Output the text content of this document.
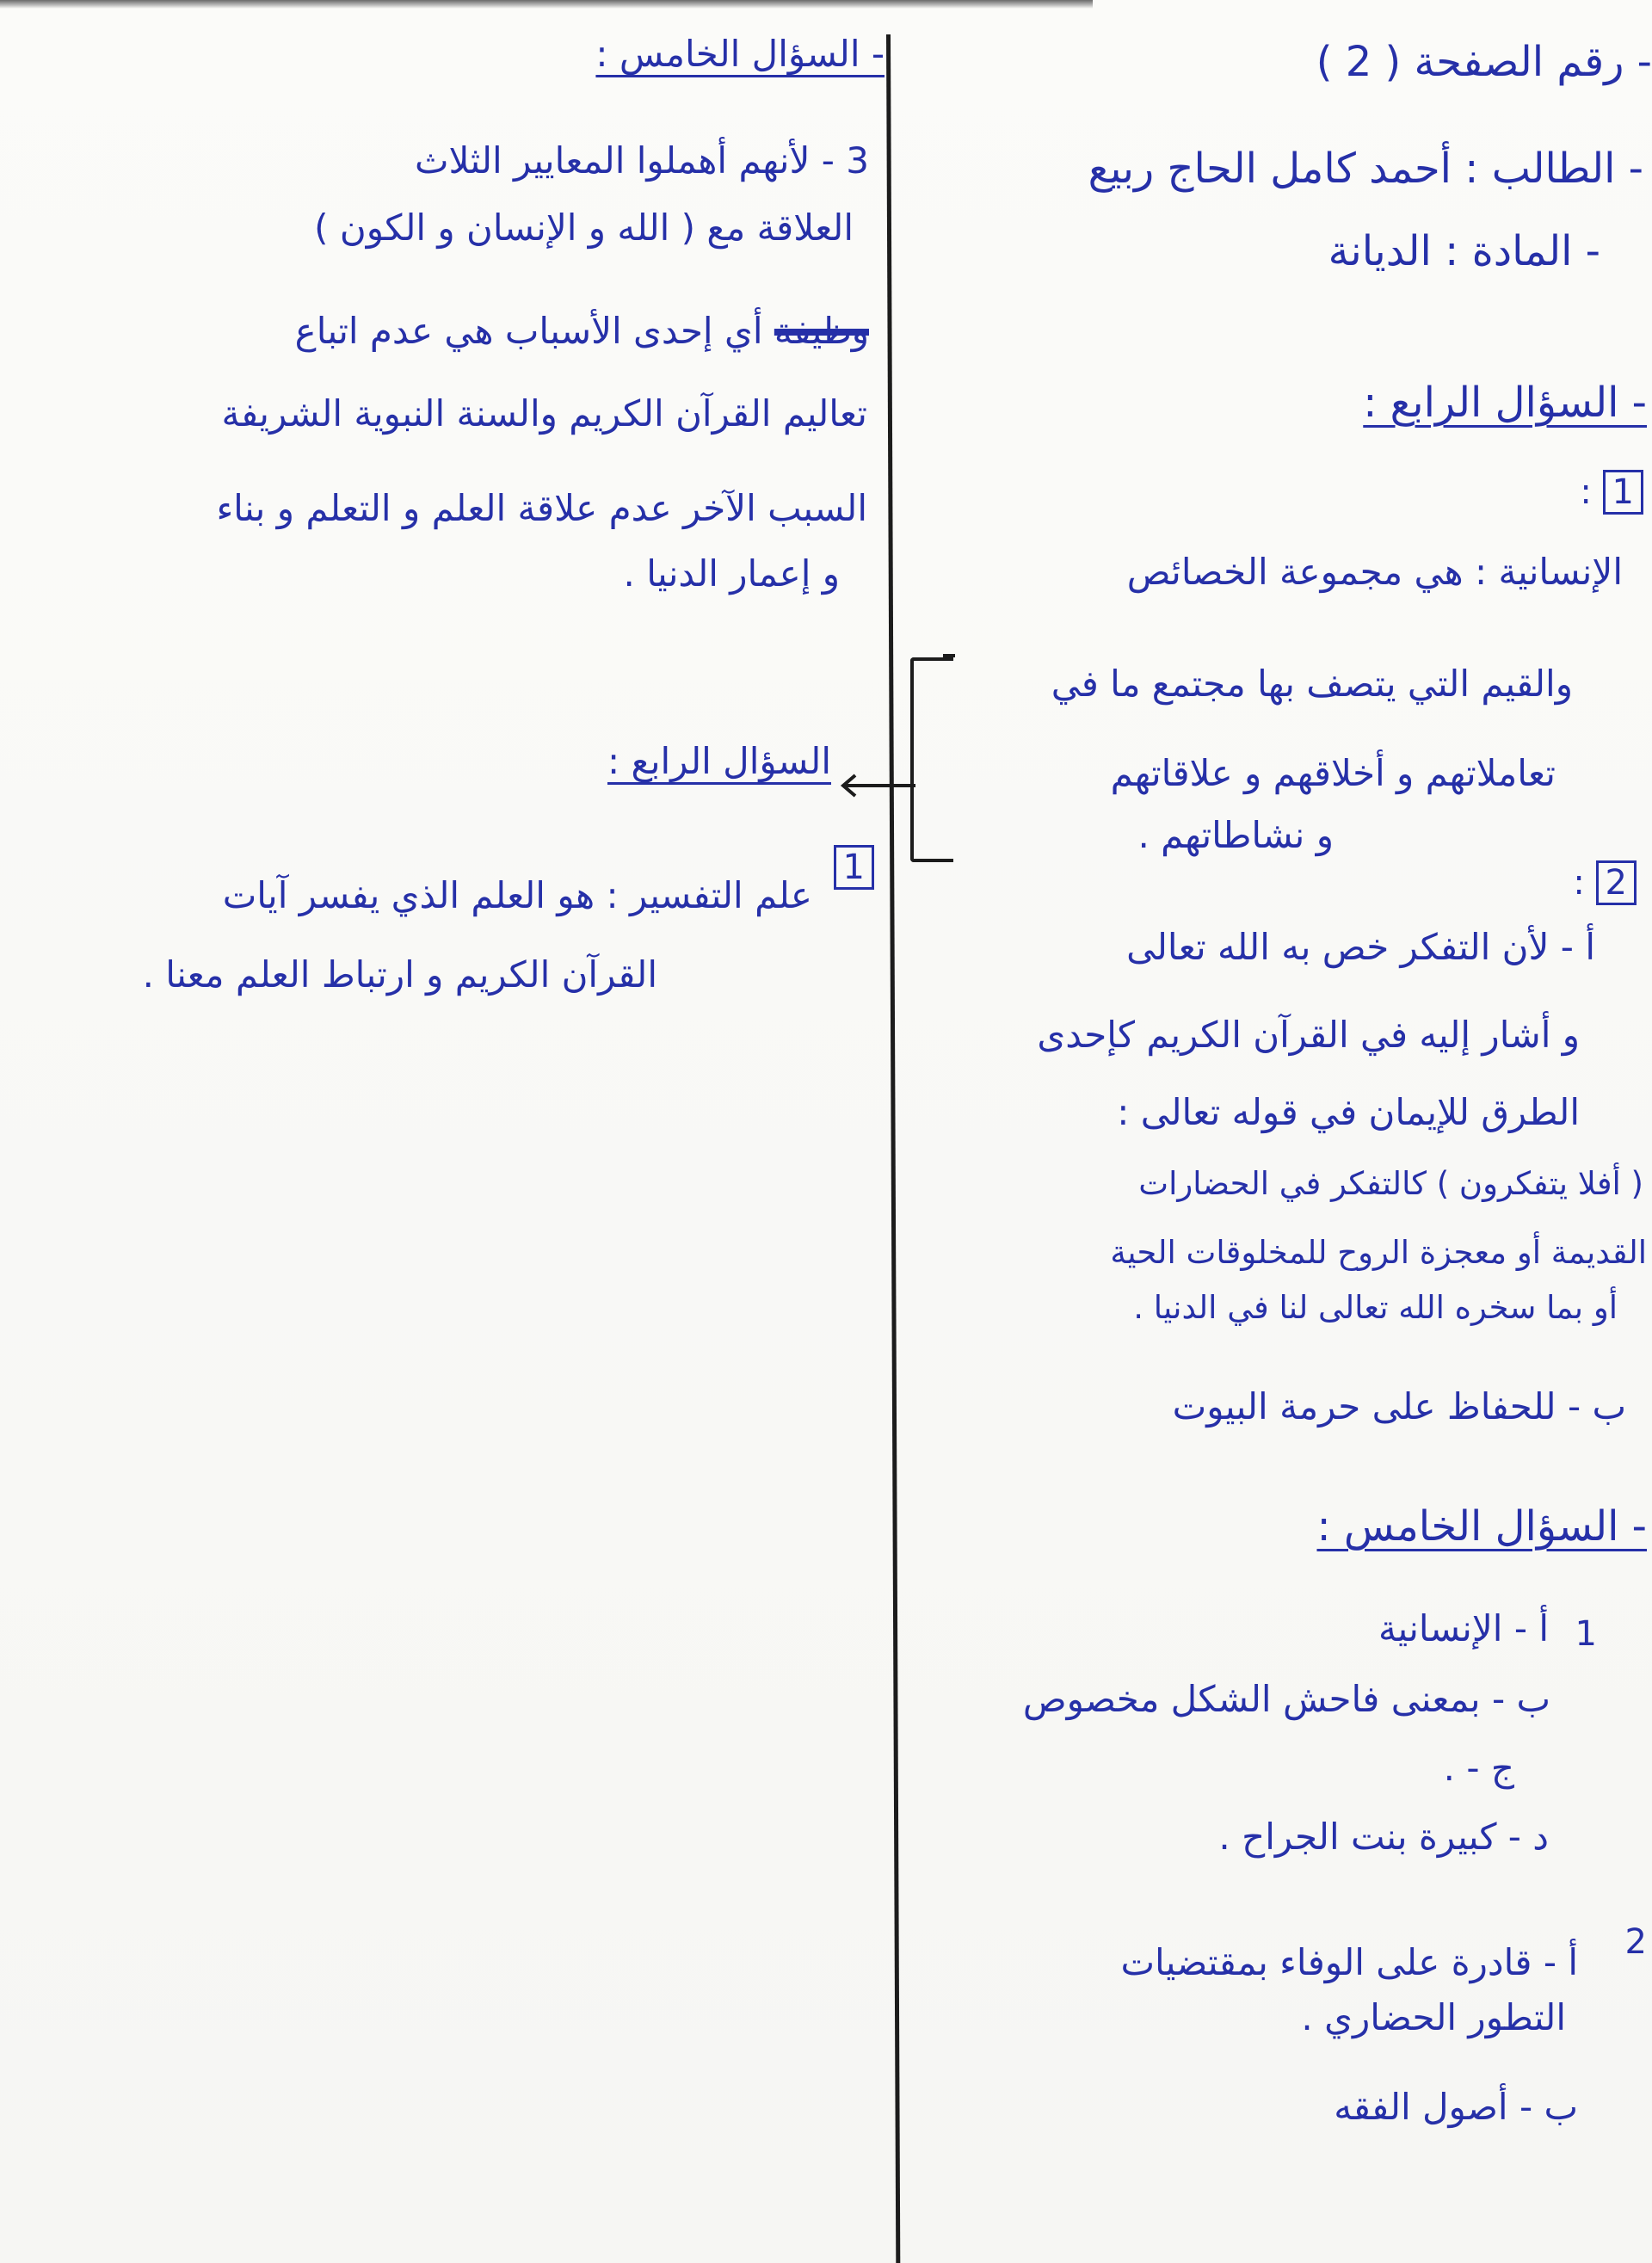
- رقم الصفحة ( 2 )
- الطالب : أحمد كامل الحاج ربيع
- المادة : الديانة
- السؤال الرابع :
: 1
الإنسانية : هي مجموعة الخصائص
والقيم التي يتصف بها مجتمع ما في
تعاملاتهم و أخلاقهم و علاقاتهم
و نشاطاتهم .
: 2
أ - لأن التفكر خص به الله تعالى
و أشار إليه في القرآن الكريم كإحدى
الطرق للإيمان في قوله تعالى :
( أفلا يتفكرون ) كالتفكر في الحضارات
القديمة أو معجزة الروح للمخلوقات الحية
أو بما سخره الله تعالى لنا في الدنيا .
ب - للحفاظ على حرمة البيوت
- السؤال الخامس :
1
أ - الإنسانية
ب - بمعنى فاحش الشكل مخصوص
ج - .
د - كبيرة بنت الجراح .
2
أ - قادرة على الوفاء بمقتضيات
التطور الحضاري .
ب - أصول الفقه
- السؤال الخامس :
3 - لأنهم أهملوا المعايير الثلاث
العلاقة مع ( الله و الإنسان و الكون )
وظيفة أي إحدى الأسباب هي عدم اتباع
تعاليم القرآن الكريم والسنة النبوية الشريفة
السبب الآخر عدم علاقة العلم و التعلم و بناء
و إعمار الدنيا .
السؤال الرابع :
1
علم التفسير : هو العلم الذي يفسر آيات
القرآن الكريم و ارتباط العلم معنا .
